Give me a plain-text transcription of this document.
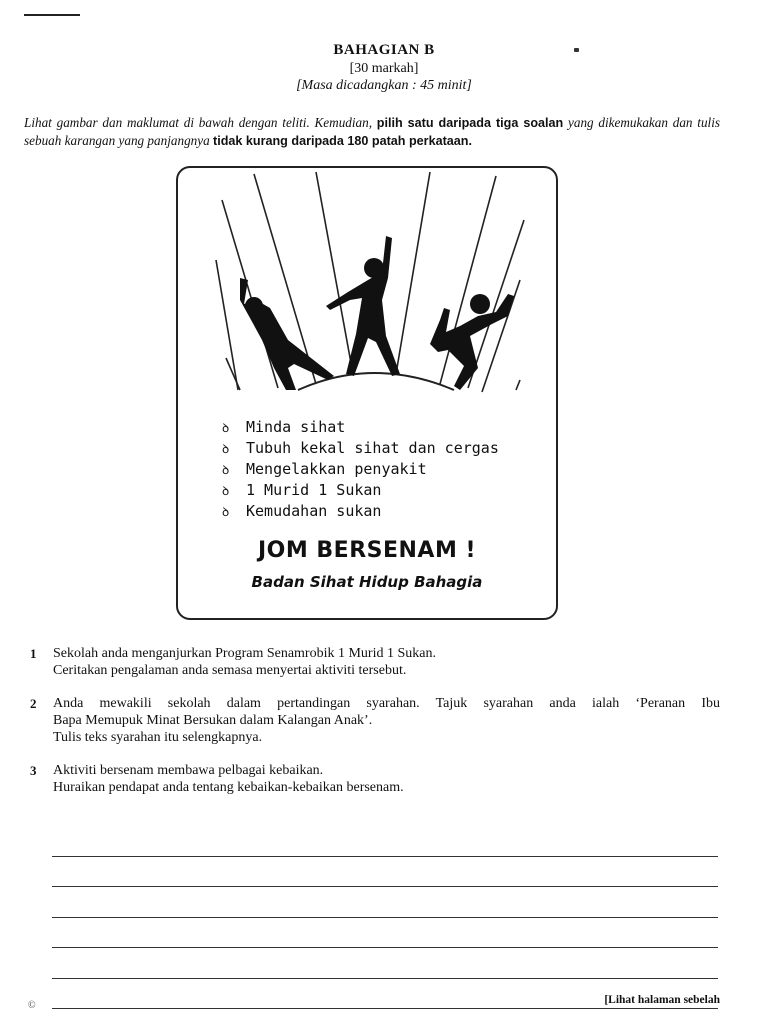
BAHAGIAN B
[30 markah]
[Masa dicadangkan : 45 minit]
Lihat gambar dan maklumat di bawah dengan teliti. Kemudian, pilih satu daripada tiga soalan yang dikemukakan dan tulis sebuah karangan yang panjangnya tidak kurang daripada 180 patah perkataan.
ꝺ Minda sihat
ꝺ Tubuh kekal sihat dan cergas
ꝺ Mengelakkan penyakit
ꝺ 1 Murid 1 Sukan
ꝺ Kemudahan sukan
JOM BERSENAM !
Badan Sihat Hidup Bahagia
1 Sekolah anda menganjurkan Program Senamrobik 1 Murid 1 Sukan.
Ceritakan pengalaman anda semasa menyertai aktiviti tersebut.
2 Anda mewakili sekolah dalam pertandingan syarahan. Tajuk syarahan anda ialah ‘Peranan Ibu
Bapa Memupuk Minat Bersukan dalam Kalangan Anak’.
Tulis teks syarahan itu selengkapnya.
3 Aktiviti bersenam membawa pelbagai kebaikan.
Huraikan pendapat anda tentang kebaikan-kebaikan bersenam.
©	[Lihat halaman sebelah
